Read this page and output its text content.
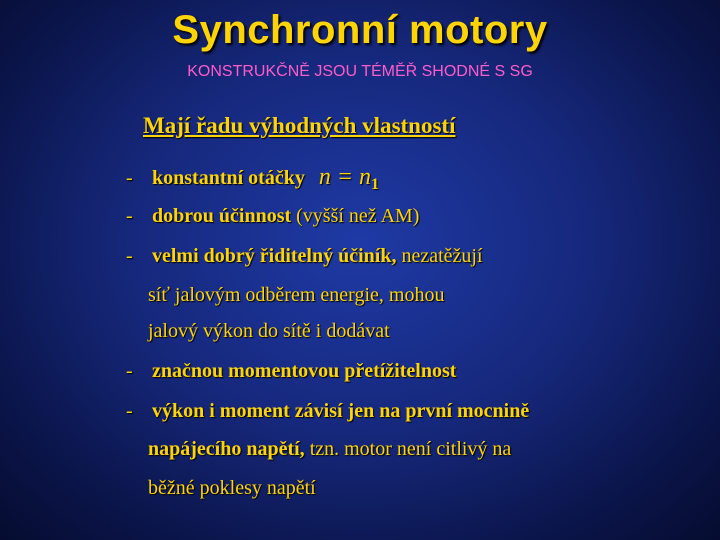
Synchronní motory
KONSTRUKČNĚ JSOU TÉMĚŘ SHODNÉ S SG
Mají řadu výhodných vlastností
- konstantní otáčky $n = n_1$
- dobrou účinnost (vyšší než AM)
- velmi dobrý řiditelný účiník, nezatěžují
síť jalovým odběrem energie, mohou
jalový výkon do sítě i dodávat
- značnou momentovou přetížitelnost
- výkon i moment závisí jen na první mocnině
napájecího napětí, tzn. motor není citlivý na
běžné poklesy napětí
